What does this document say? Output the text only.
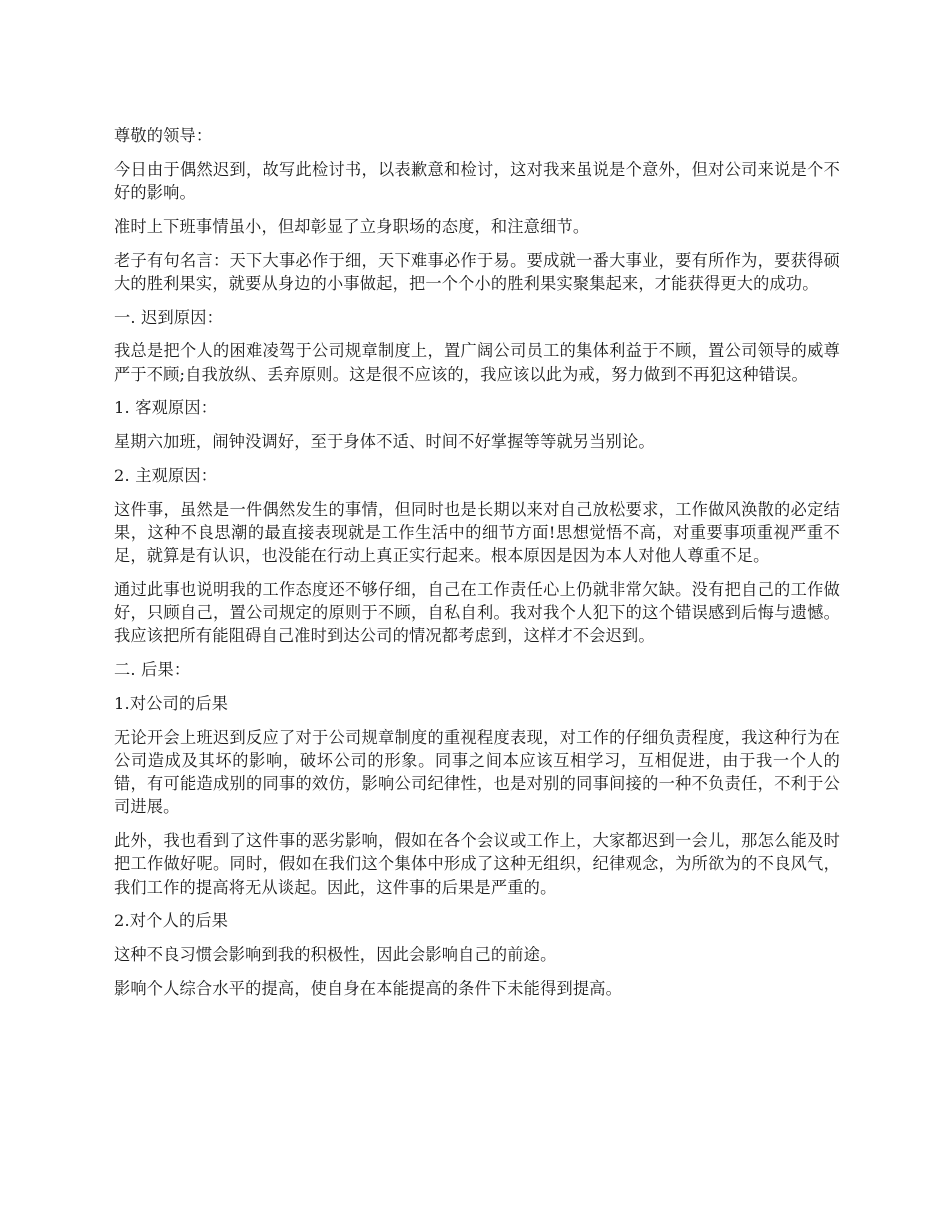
尊敬的领导：

今日由于偶然迟到，故写此检讨书，以表歉意和检讨，这对我来虽说是个意外，但对公司来说是个不好的影响。

准时上下班事情虽小，但却彰显了立身职场的态度，和注意细节。

老子有句名言：天下大事必作于细，天下难事必作于易。要成就一番大事业，要有所作为，要获得硕大的胜利果实，就要从身边的小事做起，把一个个小的胜利果实聚集起来，才能获得更大的成功。

一. 迟到原因：

我总是把个人的困难凌驾于公司规章制度上，置广阔公司员工的集体利益于不顾，置公司领导的威尊严于不顾;自我放纵、丢弃原则。这是很不应该的，我应该以此为戒，努力做到不再犯这种错误。

1. 客观原因：

星期六加班，闹钟没调好，至于身体不适、时间不好掌握等等就另当别论。

2. 主观原因：

这件事，虽然是一件偶然发生的事情，但同时也是长期以来对自己放松要求，工作做风涣散的必定结果，这种不良思潮的最直接表现就是工作生活中的细节方面!思想觉悟不高，对重要事项重视严重不足，就算是有认识，也没能在行动上真正实行起来。根本原因是因为本人对他人尊重不足。

通过此事也说明我的工作态度还不够仔细，自己在工作责任心上仍就非常欠缺。没有把自己的工作做好，只顾自己，置公司规定的原则于不顾，自私自利。我对我个人犯下的这个错误感到后悔与遗憾。我应该把所有能阻碍自己准时到达公司的情况都考虑到，这样才不会迟到。

二. 后果：

1.对公司的后果

无论开会上班迟到反应了对于公司规章制度的重视程度表现，对工作的仔细负责程度，我这种行为在公司造成及其坏的影响，破坏公司的形象。同事之间本应该互相学习，互相促进，由于我一个人的错，有可能造成别的同事的效仿，影响公司纪律性，也是对别的同事间接的一种不负责任，不利于公司进展。

此外，我也看到了这件事的恶劣影响，假如在各个会议或工作上，大家都迟到一会儿，那怎么能及时把工作做好呢。同时，假如在我们这个集体中形成了这种无组织，纪律观念，为所欲为的不良风气，我们工作的提高将无从谈起。因此，这件事的后果是严重的。

2.对个人的后果

这种不良习惯会影响到我的积极性，因此会影响自己的前途。

影响个人综合水平的提高，使自身在本能提高的条件下未能得到提高。
